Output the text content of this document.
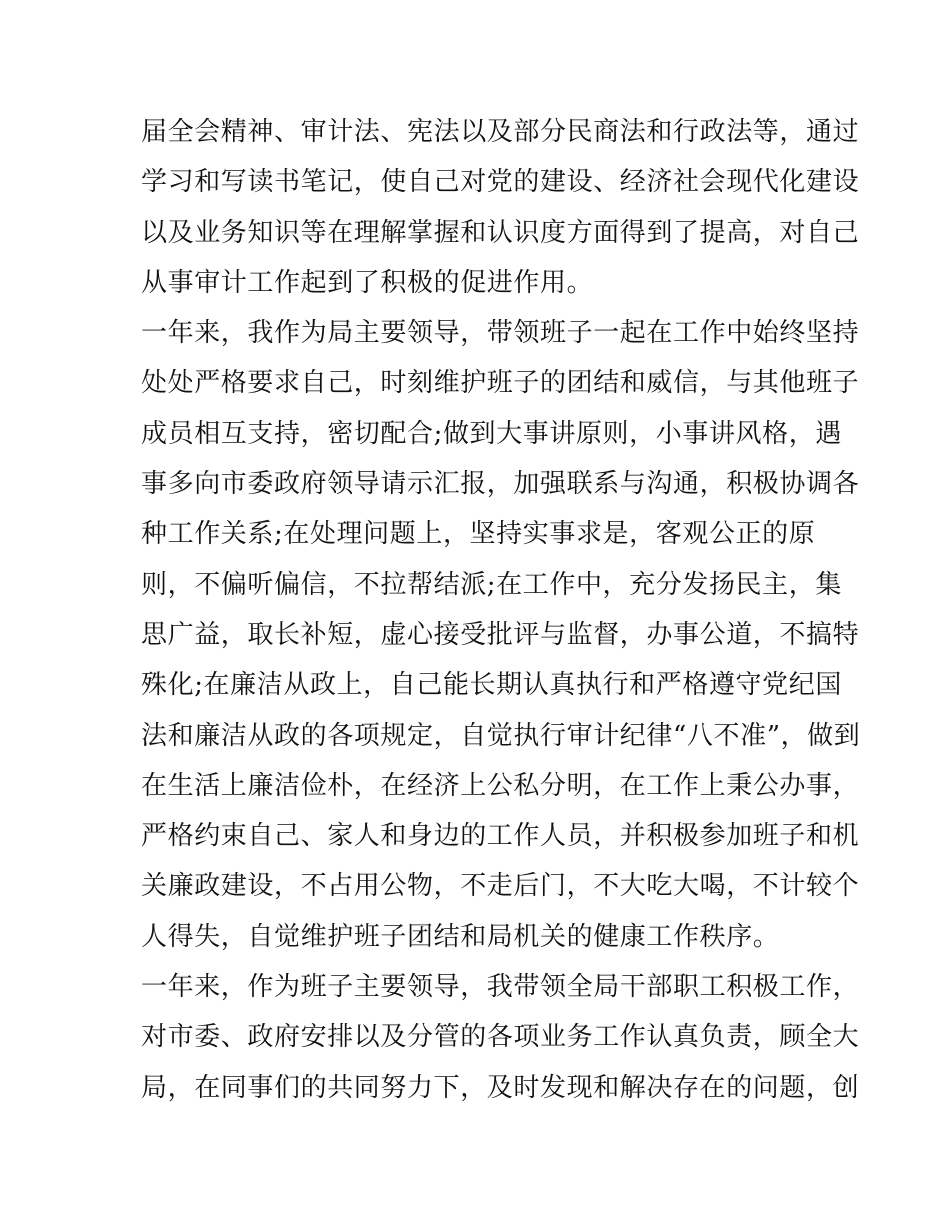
届全会精神、审计法、宪法以及部分民商法和行政法等，通过
学习和写读书笔记，使自己对党的建设、经济社会现代化建设
以及业务知识等在理解掌握和认识度方面得到了提高，对自己
从事审计工作起到了积极的促进作用。
一年来，我作为局主要领导，带领班子一起在工作中始终坚持
处处严格要求自己，时刻维护班子的团结和威信，与其他班子
成员相互支持，密切配合;做到大事讲原则，小事讲风格，遇
事多向市委政府领导请示汇报，加强联系与沟通，积极协调各
种工作关系;在处理问题上，坚持实事求是，客观公正的原
则，不偏听偏信，不拉帮结派;在工作中，充分发扬民主，集
思广益，取长补短，虚心接受批评与监督，办事公道，不搞特
殊化;在廉洁从政上，自己能长期认真执行和严格遵守党纪国
法和廉洁从政的各项规定，自觉执行审计纪律“八不准”，做到
在生活上廉洁俭朴，在经济上公私分明，在工作上秉公办事，
严格约束自己、家人和身边的工作人员，并积极参加班子和机
关廉政建设，不占用公物，不走后门，不大吃大喝，不计较个
人得失，自觉维护班子团结和局机关的健康工作秩序。
一年来，作为班子主要领导，我带领全局干部职工积极工作，
对市委、政府安排以及分管的各项业务工作认真负责，顾全大
局，在同事们的共同努力下，及时发现和解决存在的问题，创
